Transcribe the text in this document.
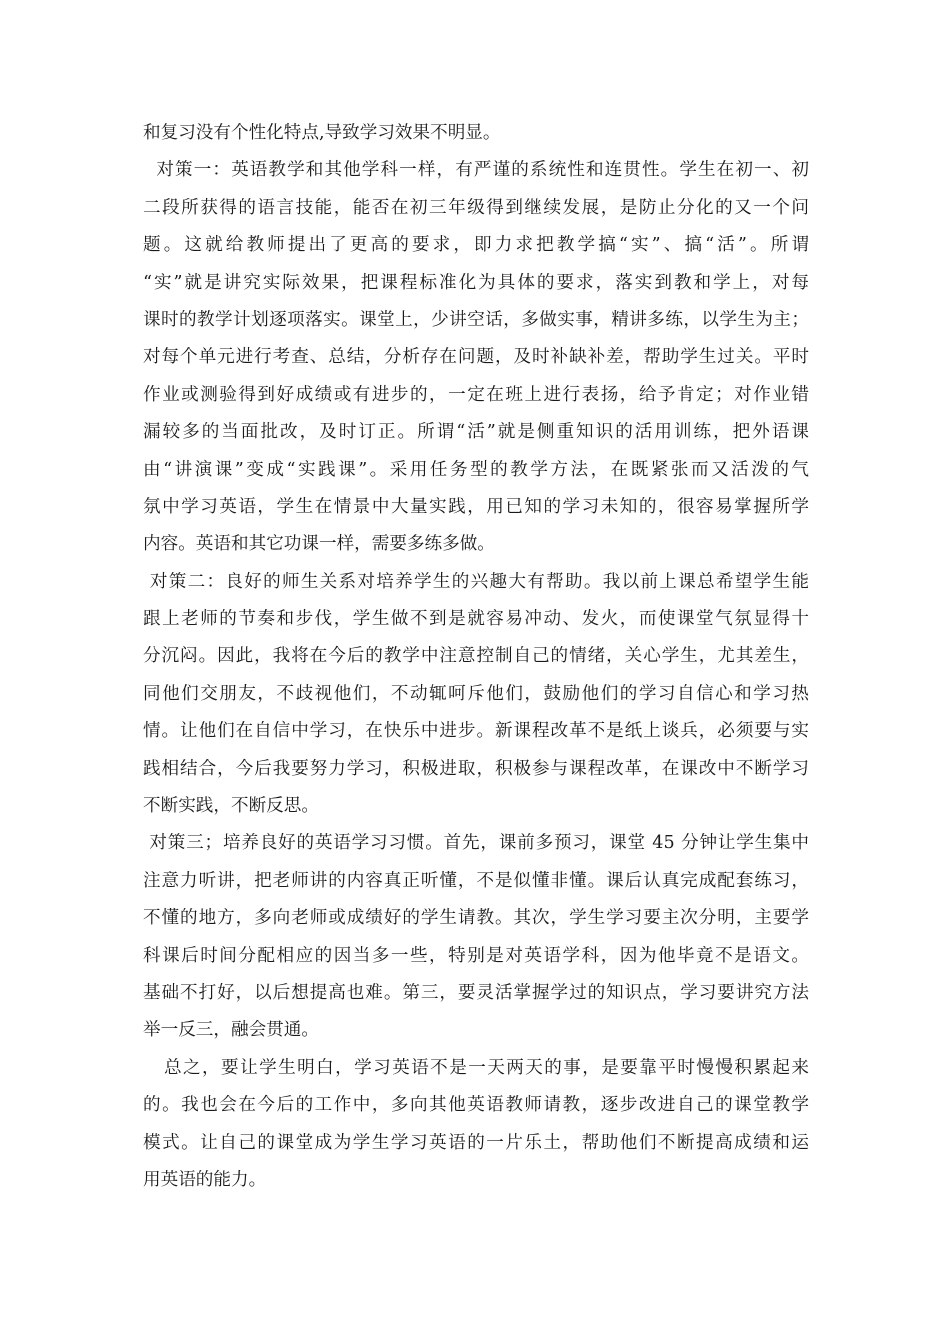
和复习没有个性化特点,导致学习效果不明显。
对策一：英语教学和其他学科一样，有严谨的系统性和连贯性。学生在初一、初
二段所获得的语言技能，能否在初三年级得到继续发展，是防止分化的又一个问
题。这就给教师提出了更高的要求，即力求把教学搞“实”、搞“活”。所谓
“实”就是讲究实际效果，把课程标准化为具体的要求，落实到教和学上，对每
课时的教学计划逐项落实。课堂上，少讲空话，多做实事，精讲多练，以学生为主；
对每个单元进行考查、总结，分析存在问题，及时补缺补差，帮助学生过关。平时
作业或测验得到好成绩或有进步的，一定在班上进行表扬，给予肯定；对作业错
漏较多的当面批改，及时订正。所谓“活”就是侧重知识的活用训练，把外语课
由“讲演课”变成“实践课”。采用任务型的教学方法，在既紧张而又活泼的气
氛中学习英语，学生在情景中大量实践，用已知的学习未知的，很容易掌握所学
内容。英语和其它功课一样，需要多练多做。
对策二：良好的师生关系对培养学生的兴趣大有帮助。我以前上课总希望学生能
跟上老师的节奏和步伐，学生做不到是就容易冲动、发火，而使课堂气氛显得十
分沉闷。因此，我将在今后的教学中注意控制自己的情绪，关心学生，尤其差生，
同他们交朋友，不歧视他们，不动辄呵斥他们，鼓励他们的学习自信心和学习热
情。让他们在自信中学习，在快乐中进步。新课程改革不是纸上谈兵，必须要与实
践相结合，今后我要努力学习，积极进取，积极参与课程改革，在课改中不断学习
不断实践，不断反思。
对策三；培养良好的英语学习习惯。首先，课前多预习，课堂 45 分钟让学生集中
注意力听讲，把老师讲的内容真正听懂，不是似懂非懂。课后认真完成配套练习，
不懂的地方，多向老师或成绩好的学生请教。其次，学生学习要主次分明，主要学
科课后时间分配相应的因当多一些，特别是对英语学科，因为他毕竟不是语文。
基础不打好，以后想提高也难。第三，要灵活掌握学过的知识点，学习要讲究方法
举一反三，融会贯通。
总之，要让学生明白，学习英语不是一天两天的事，是要靠平时慢慢积累起来
的。我也会在今后的工作中，多向其他英语教师请教，逐步改进自己的课堂教学
模式。让自己的课堂成为学生学习英语的一片乐土，帮助他们不断提高成绩和运
用英语的能力。
